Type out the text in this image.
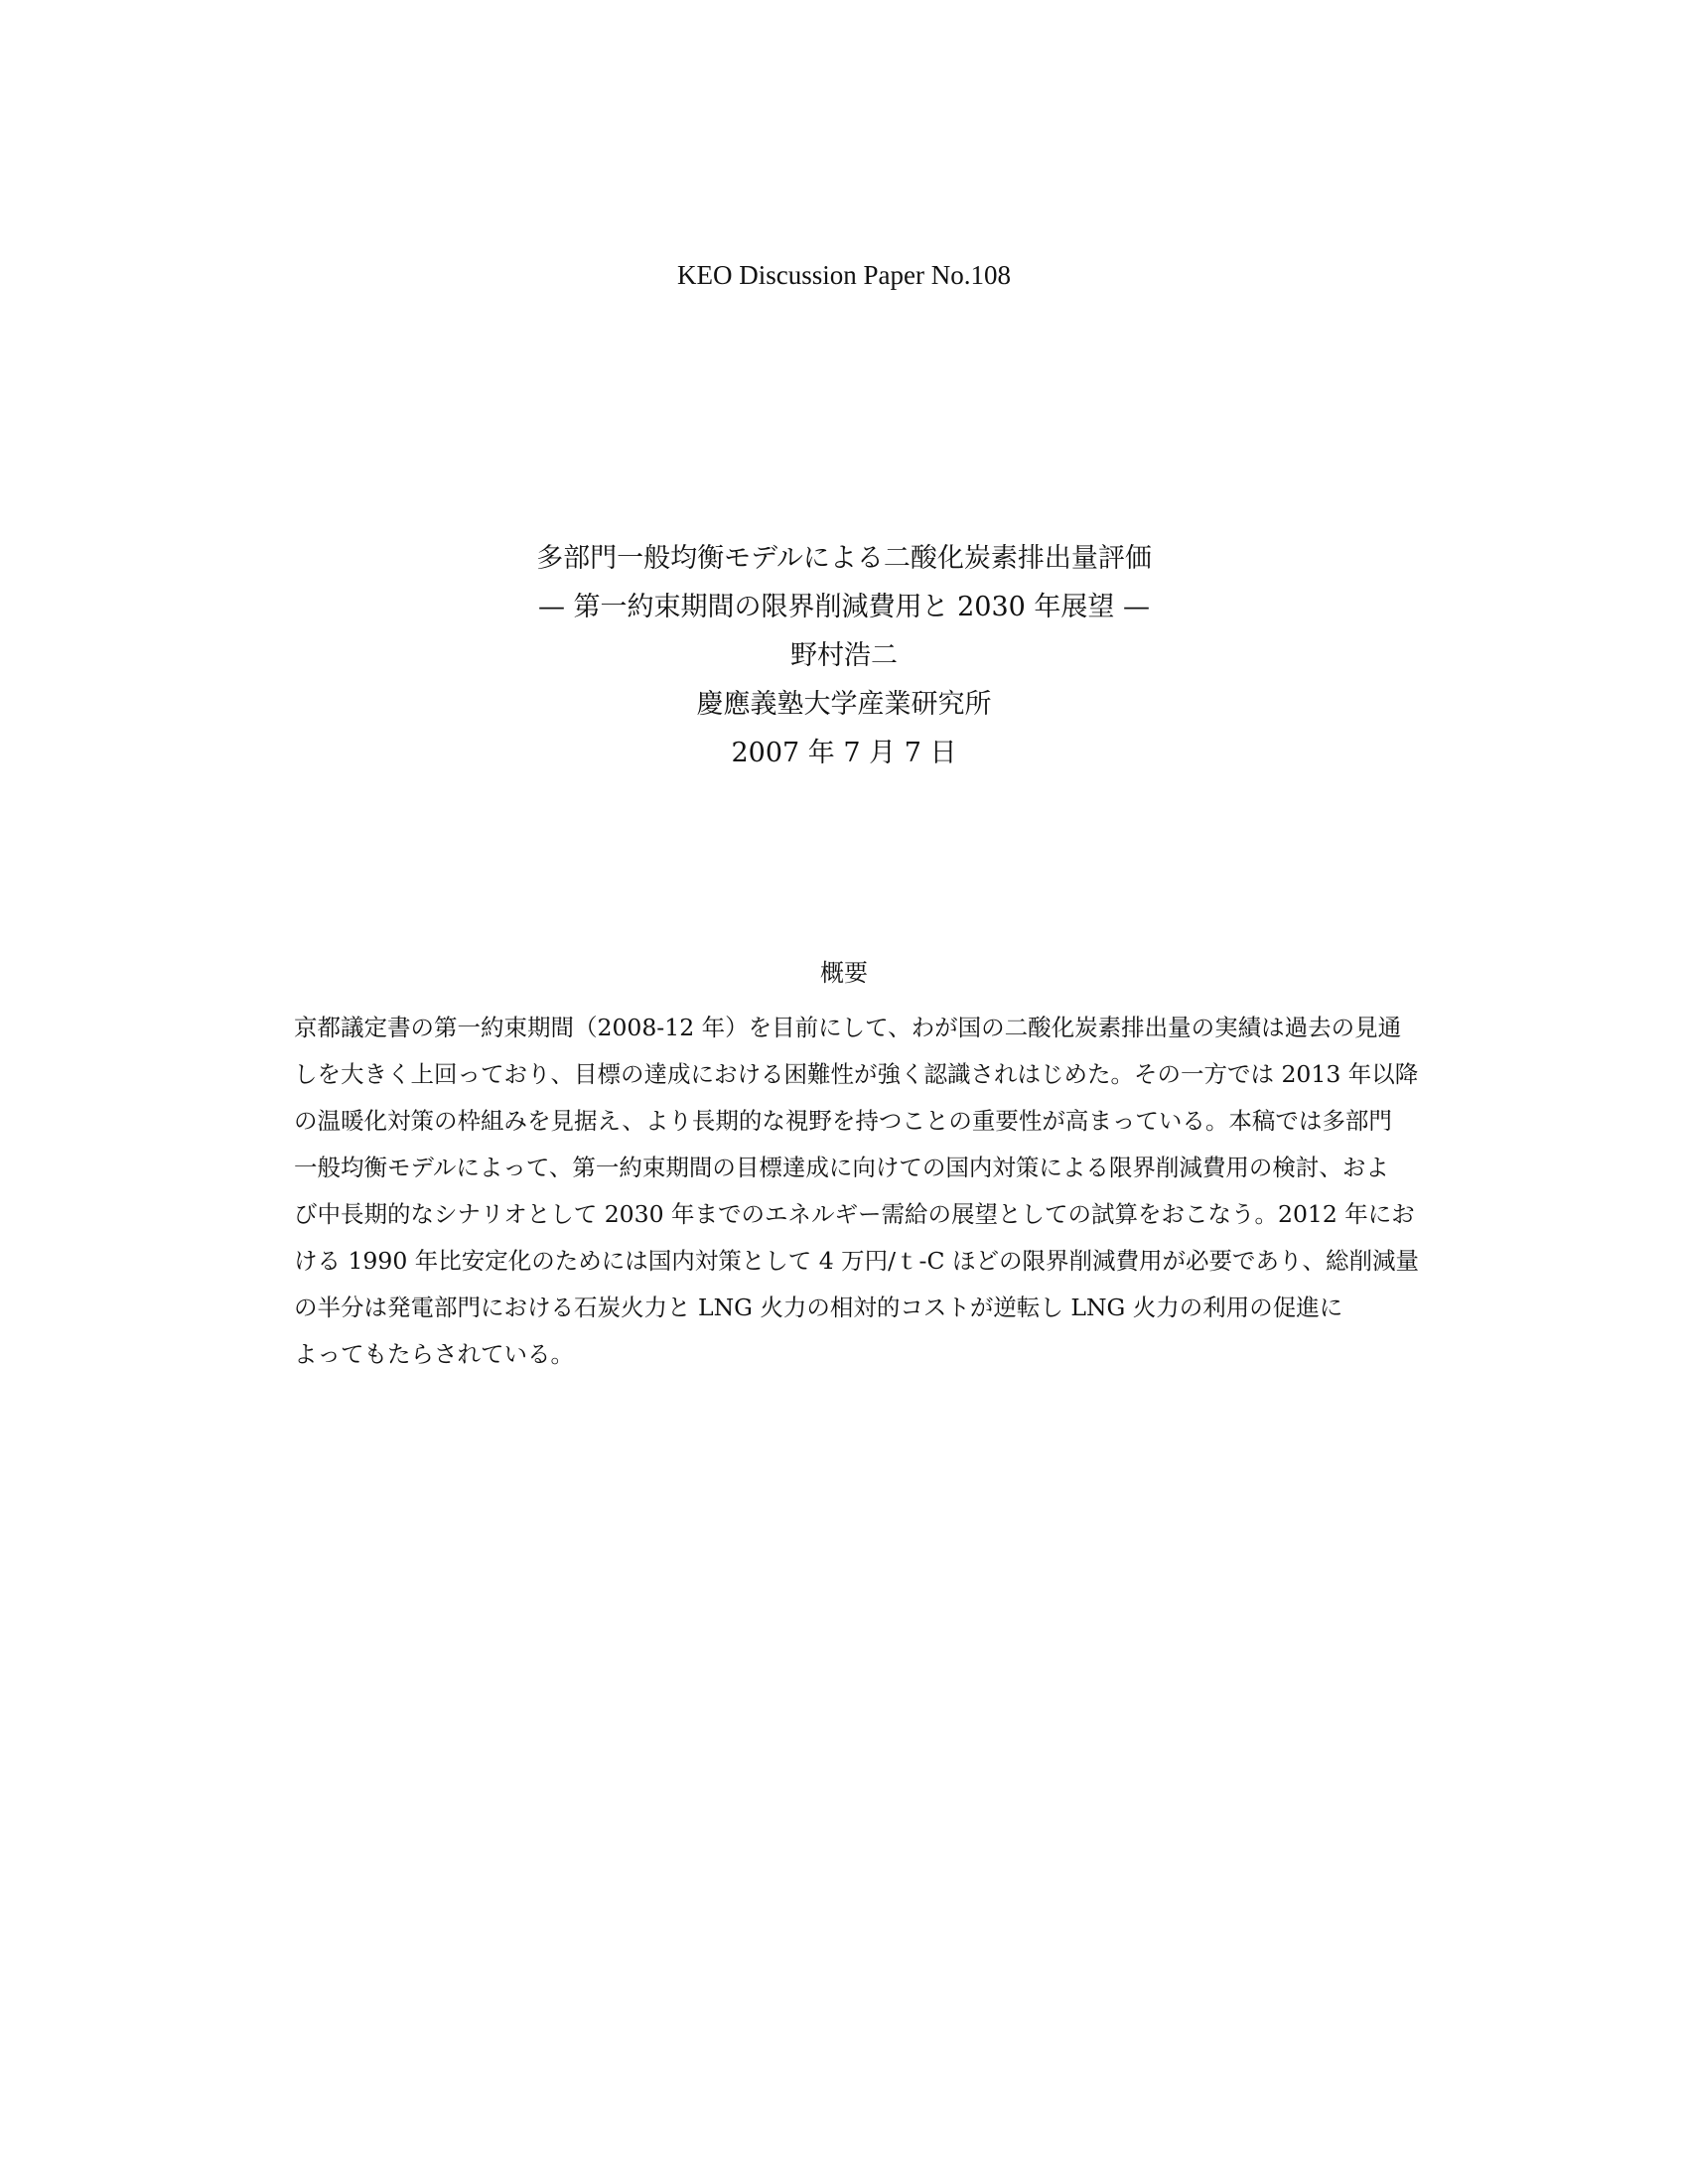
KEO Discussion Paper No.108
多部門一般均衡モデルによる二酸化炭素排出量評価
— 第一約束期間の限界削減費用と 2030 年展望 —
野村浩二
慶應義塾大学産業研究所
2007 年 7 月 7 日
概要
京都議定書の第一約束期間（2008-12 年）を目前にして、わが国の二酸化炭素排出量の実績は過去の見通
しを大きく上回っており、目標の達成における困難性が強く認識されはじめた。その一方では 2013 年以降
の温暖化対策の枠組みを見据え、より長期的な視野を持つことの重要性が高まっている。本稿では多部門
一般均衡モデルによって、第一約束期間の目標達成に向けての国内対策による限界削減費用の検討、およ
び中長期的なシナリオとして 2030 年までのエネルギー需給の展望としての試算をおこなう。2012 年にお
ける 1990 年比安定化のためには国内対策として 4 万円/ｔ-C ほどの限界削減費用が必要であり、総削減量
の半分は発電部門における石炭火力と LNG 火力の相対的コストが逆転し LNG 火力の利用の促進に
よってもたらされている。
